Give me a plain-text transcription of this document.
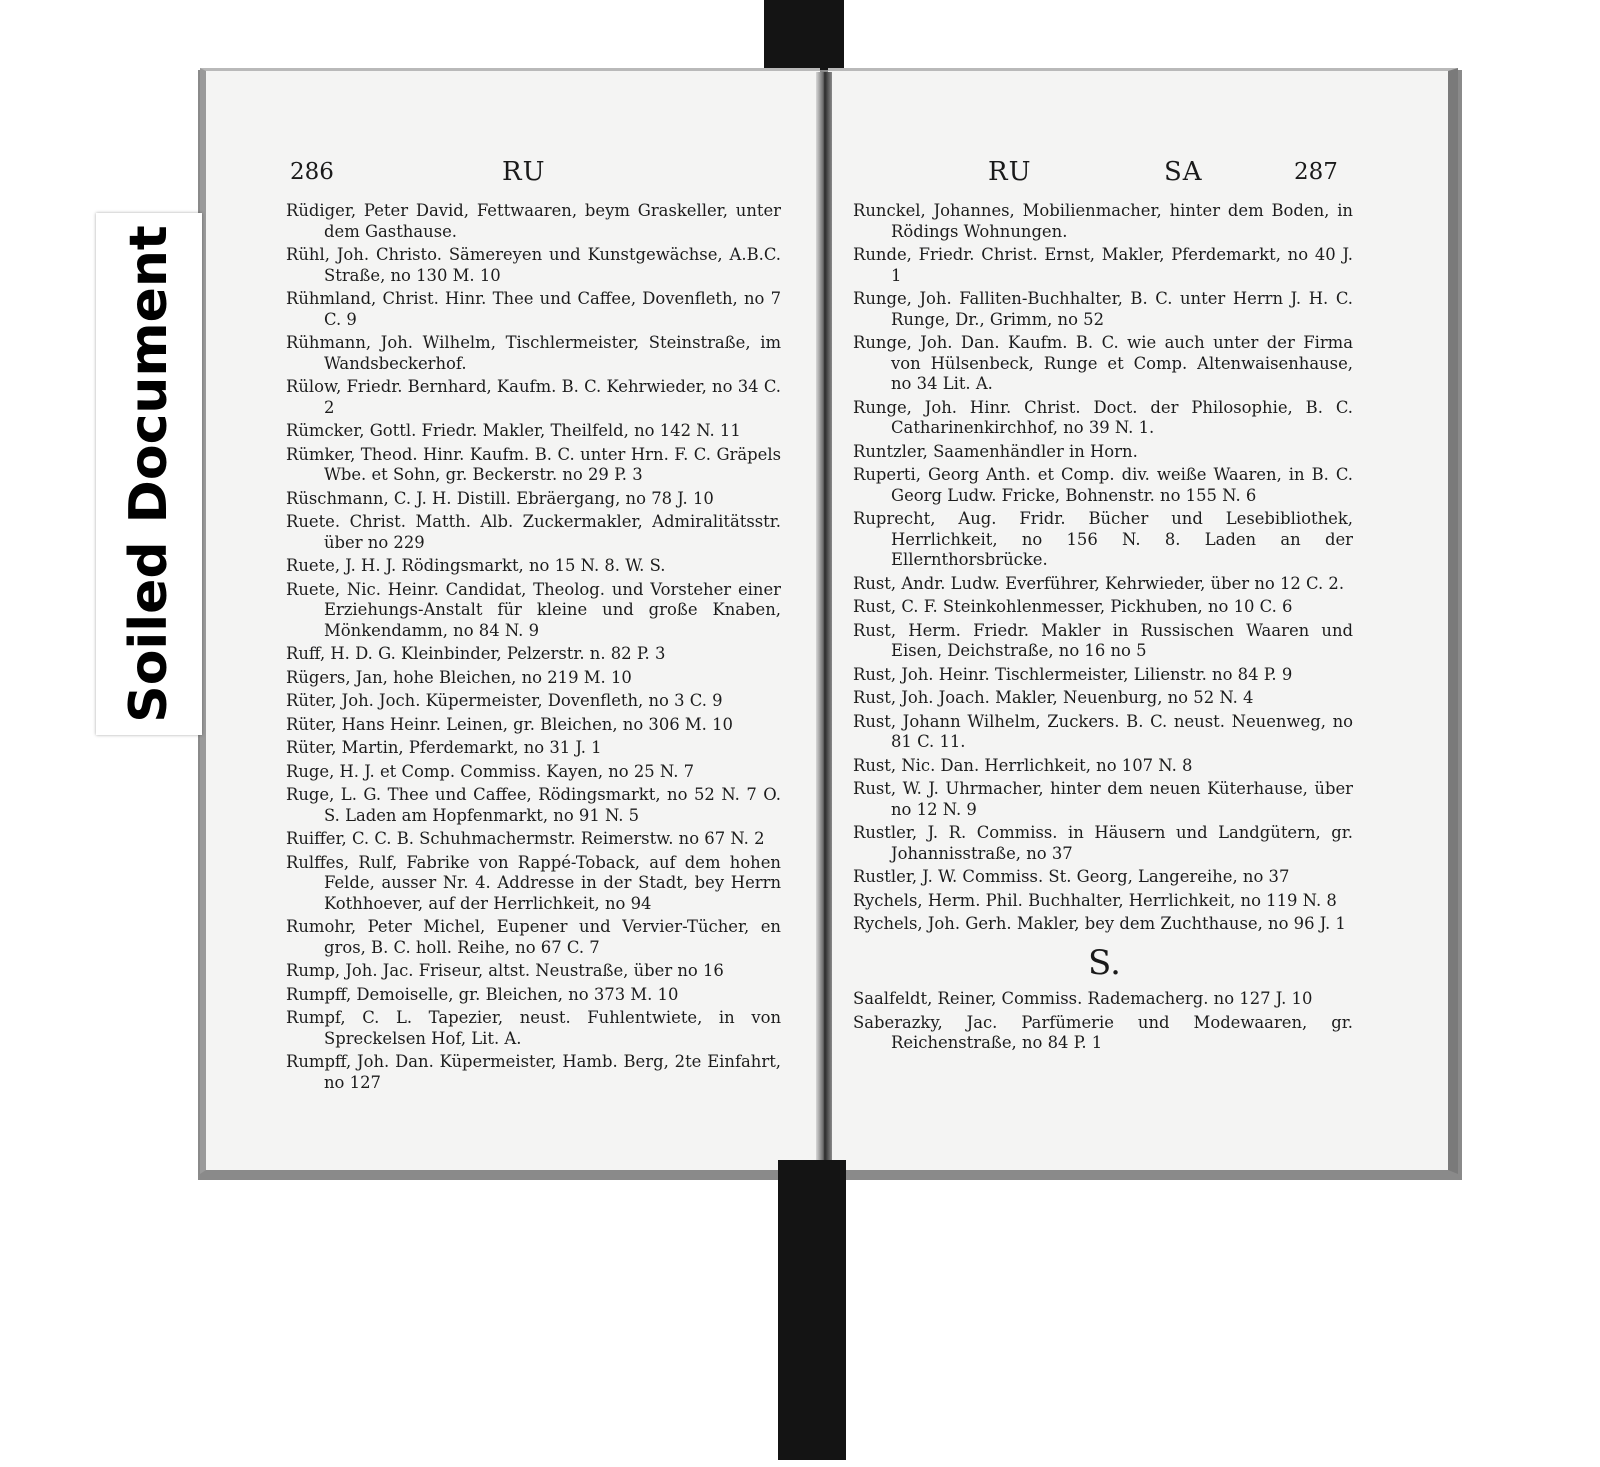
286	RU
Rüdiger, Peter David, Fettwaaren, beym Graskeller, unter dem Gasthause.
Rühl, Joh. Christo. Sämereyen und Kunstgewächse, A.B.C. Straße, no 130 M. 10
Rühmland, Christ. Hinr. Thee und Caffee, Dovenfleth, no 7 C. 9
Rühmann, Joh. Wilhelm, Tischlermeister, Steinstraße, im Wandsbeckerhof.
Rülow, Friedr. Bernhard, Kaufm. B. C. Kehrwieder, no 34 C. 2
Rümcker, Gottl. Friedr. Makler, Theilfeld, no 142 N. 11
Rümker, Theod. Hinr. Kaufm. B. C. unter Hrn. F. C. Gräpels Wbe. et Sohn, gr. Beckerstr. no 29 P. 3
Rüschmann, C. J. H. Distill. Ebräergang, no 78 J. 10
Ruete. Christ. Matth. Alb. Zuckermakler, Admiralitätsstr. über no 229
Ruete, J. H. J. Rödingsmarkt, no 15 N. 8. W. S.
Ruete, Nic. Heinr. Candidat, Theolog. und Vorsteher einer Erziehungs-Anstalt für kleine und große Knaben, Mönkendamm, no 84 N. 9
Ruff, H. D. G. Kleinbinder, Pelzerstr. n. 82 P. 3
Rügers, Jan, hohe Bleichen, no 219 M. 10
Rüter, Joh. Joch. Küpermeister, Dovenfleth, no 3 C. 9
Rüter, Hans Heinr. Leinen, gr. Bleichen, no 306 M. 10
Rüter, Martin, Pferdemarkt, no 31 J. 1
Ruge, H. J. et Comp. Commiss. Kayen, no 25 N. 7
Ruge, L. G. Thee und Caffee, Rödingsmarkt, no 52 N. 7 O. S. Laden am Hopfenmarkt, no 91 N. 5
Ruiffer, C. C. B. Schuhmachermstr. Reimerstw. no 67 N. 2
Rulffes, Rulf, Fabrike von Rappé-Toback, auf dem hohen Felde, ausser Nr. 4. Addresse in der Stadt, bey Herrn Kothhoever, auf der Herrlichkeit, no 94
Rumohr, Peter Michel, Eupener und Vervier-Tücher, en gros, B. C. holl. Reihe, no 67 C. 7
Rump, Joh. Jac. Friseur, altst. Neustraße, über no 16
Rumpff, Demoiselle, gr. Bleichen, no 373 M. 10
Rumpf, C. L. Tapezier, neust. Fuhlentwiete, in von Spreckelsen Hof, Lit. A.
Rumpff, Joh. Dan. Küpermeister, Hamb. Berg, 2te Einfahrt, no 127
RU	SA	287
Runckel, Johannes, Mobilienmacher, hinter dem Boden, in Rödings Wohnungen.
Runde, Friedr. Christ. Ernst, Makler, Pferdemarkt, no 40 J. 1
Runge, Joh. Falliten-Buchhalter, B. C. unter Herrn J. H. C. Runge, Dr., Grimm, no 52
Runge, Joh. Dan. Kaufm. B. C. wie auch unter der Firma von Hülsenbeck, Runge et Comp. Altenwaisenhause, no 34 Lit. A.
Runge, Joh. Hinr. Christ. Doct. der Philosophie, B. C. Catharinenkirchhof, no 39 N. 1.
Runtzler, Saamenhändler in Horn.
Ruperti, Georg Anth. et Comp. div. weiße Waaren, in B. C. Georg Ludw. Fricke, Bohnenstr. no 155 N. 6
Ruprecht, Aug. Fridr. Bücher und Lesebibliothek, Herrlichkeit, no 156 N. 8. Laden an der Ellernthorsbrücke.
Rust, Andr. Ludw. Everführer, Kehrwieder, über no 12 C. 2.
Rust, C. F. Steinkohlenmesser, Pickhuben, no 10 C. 6
Rust, Herm. Friedr. Makler in Russischen Waaren und Eisen, Deichstraße, no 16 no 5
Rust, Joh. Heinr. Tischlermeister, Lilienstr. no 84 P. 9
Rust, Joh. Joach. Makler, Neuenburg, no 52 N. 4
Rust, Johann Wilhelm, Zuckers. B. C. neust. Neuenweg, no 81 C. 11.
Rust, Nic. Dan. Herrlichkeit, no 107 N. 8
Rust, W. J. Uhrmacher, hinter dem neuen Küterhause, über no 12 N. 9
Rustler, J. R. Commiss. in Häusern und Landgütern, gr. Johannisstraße, no 37
Rustler, J. W. Commiss. St. Georg, Langereihe, no 37
Rychels, Herm. Phil. Buchhalter, Herrlichkeit, no 119 N. 8
Rychels, Joh. Gerh. Makler, bey dem Zuchthause, no 96 J. 1
S.
Saalfeldt, Reiner, Commiss. Rademacherg. no 127 J. 10
Saberazky, Jac. Parfümerie und Modewaaren, gr. Reichenstraße, no 84 P. 1
Soiled Document
